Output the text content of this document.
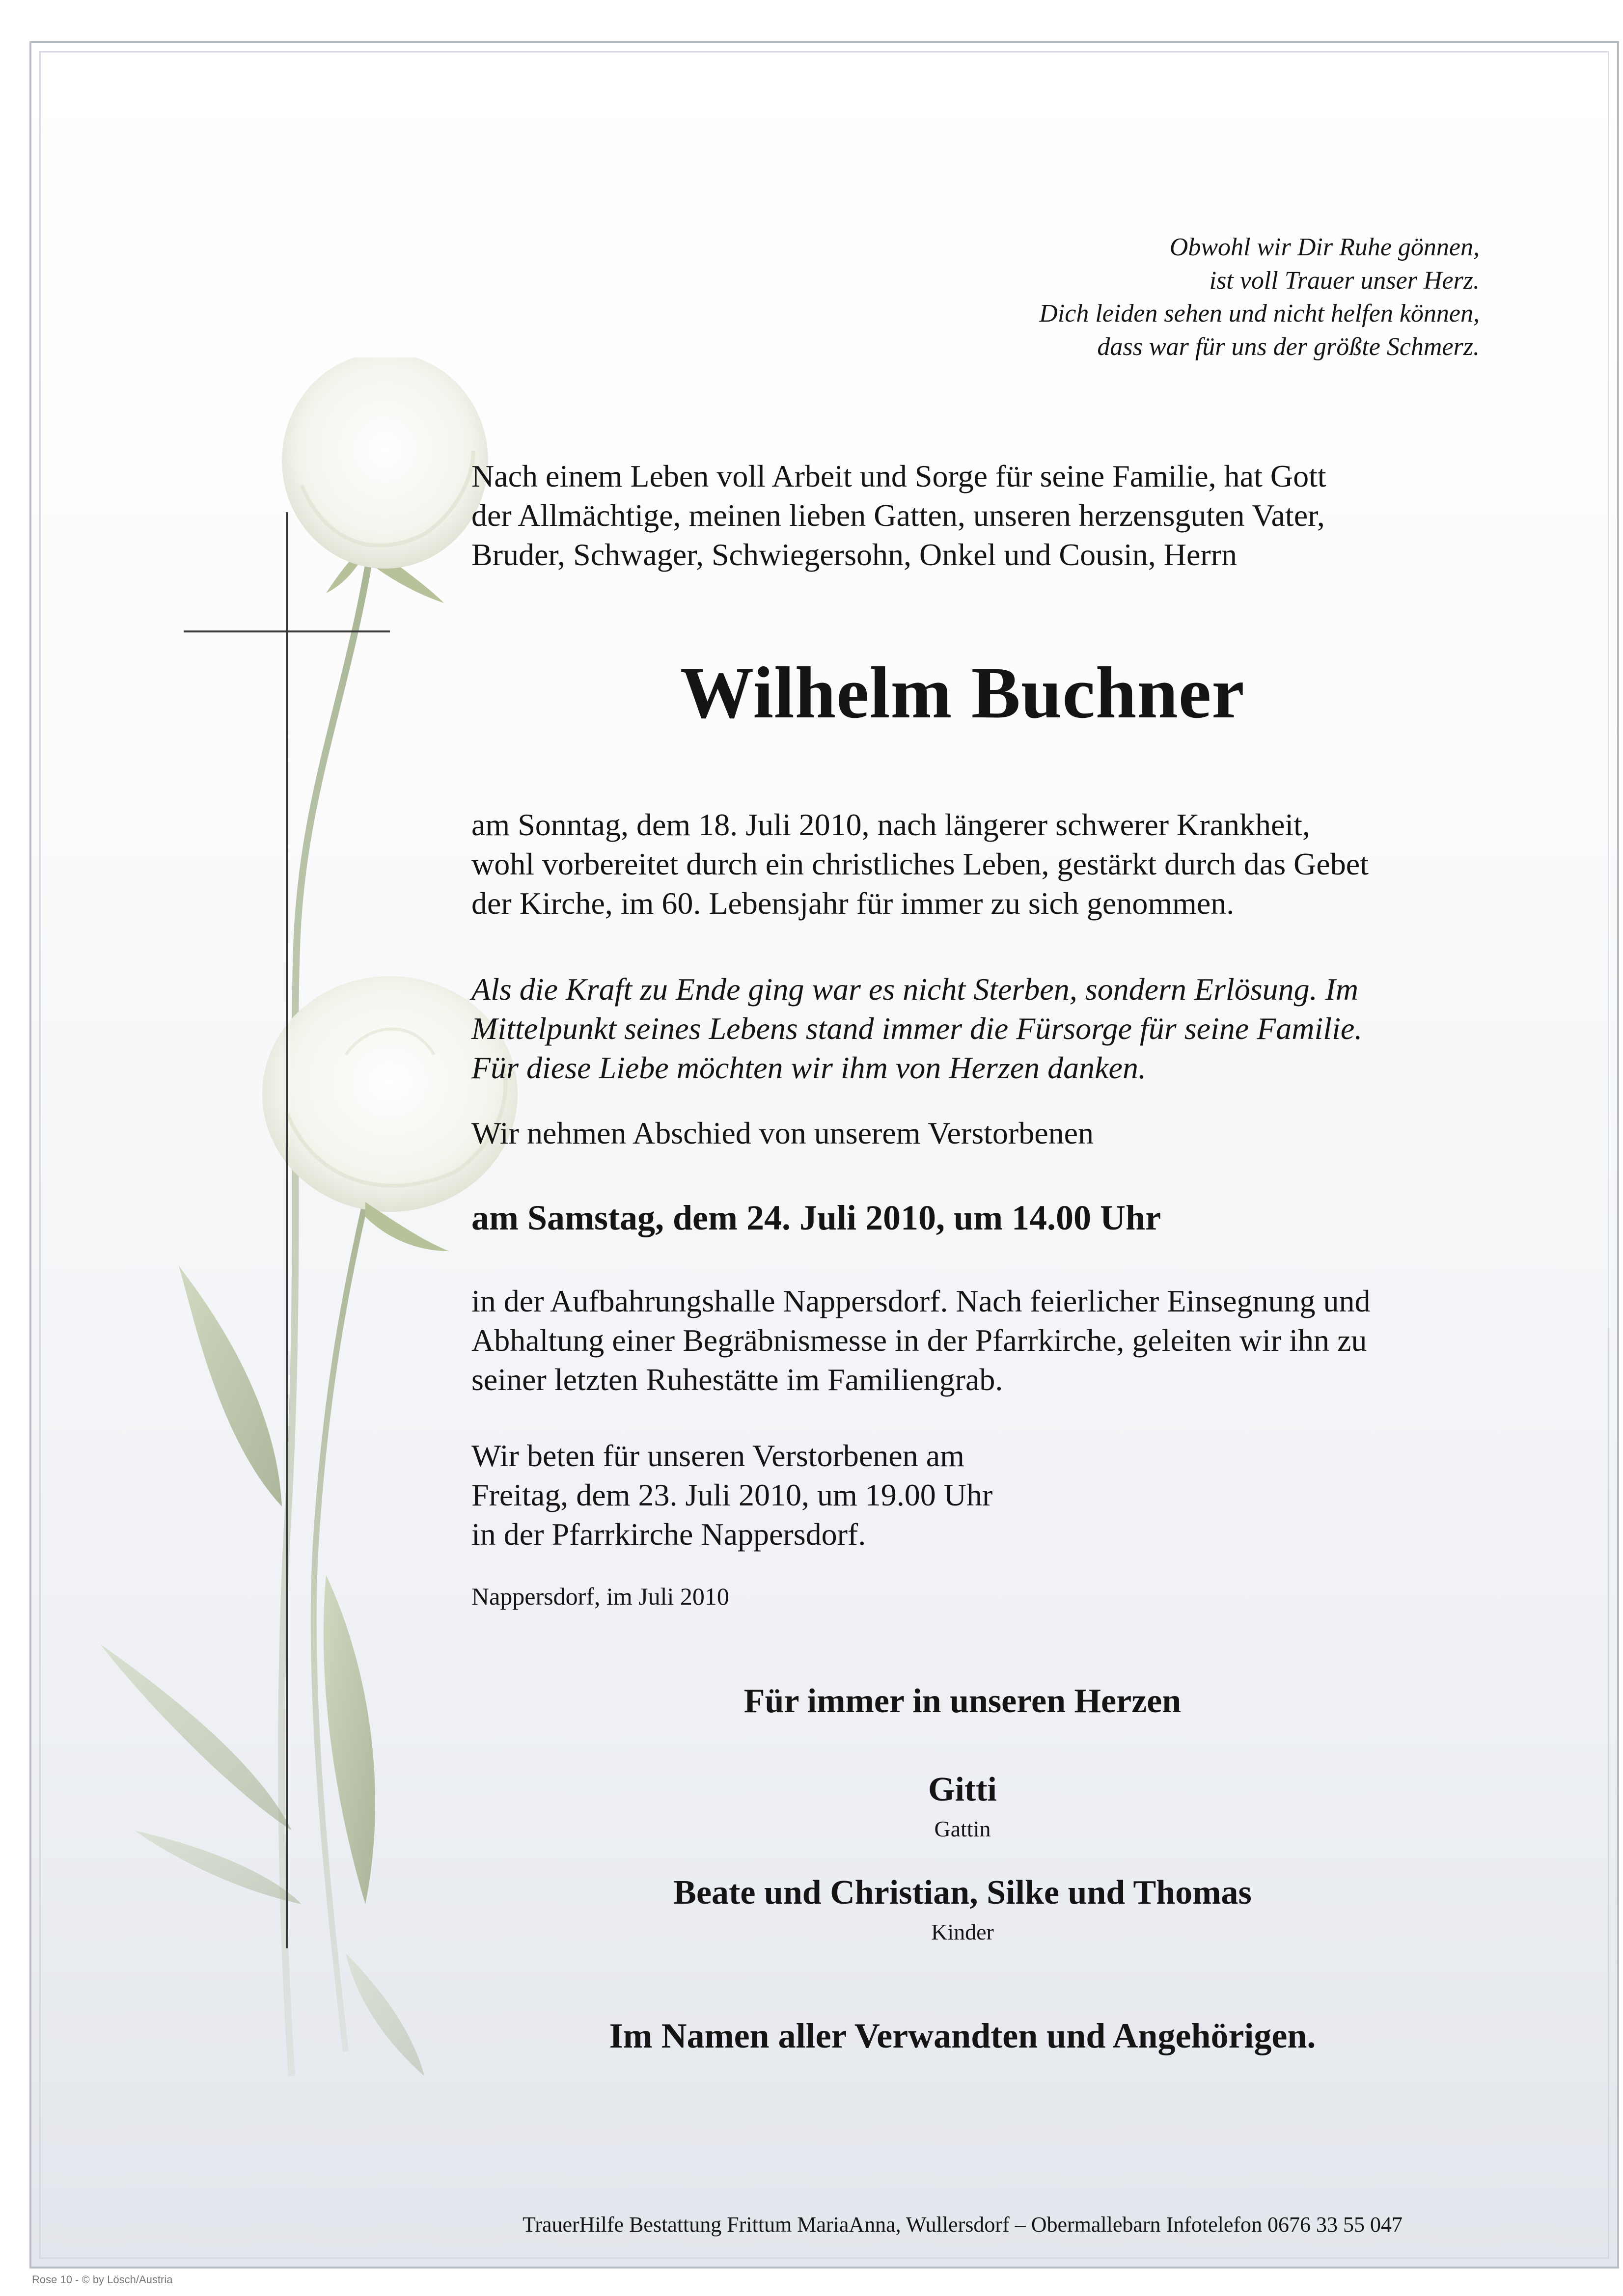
Obwohl wir Dir Ruhe gönnen,
ist voll Trauer unser Herz.
Dich leiden sehen und nicht helfen können,
dass war für uns der größte Schmerz.
Nach einem Leben voll Arbeit und Sorge für seine Familie, hat Gott
der Allmächtige, meinen lieben Gatten, unseren herzensguten Vater,
Bruder, Schwager, Schwiegersohn, Onkel und Cousin, Herrn
Wilhelm Buchner
am Sonntag, dem 18. Juli 2010, nach längerer schwerer Krankheit,
wohl vorbereitet durch ein christliches Leben, gestärkt durch das Gebet
der Kirche, im 60. Lebensjahr für immer zu sich genommen.
Als die Kraft zu Ende ging war es nicht Sterben, sondern Erlösung. Im
Mittelpunkt seines Lebens stand immer die Fürsorge für seine Familie.
Für diese Liebe möchten wir ihm von Herzen danken.
Wir nehmen Abschied von unserem Verstorbenen
am Samstag, dem 24. Juli 2010, um 14.00 Uhr
in der Aufbahrungshalle Nappersdorf. Nach feierlicher Einsegnung und
Abhaltung einer Begräbnismesse in der Pfarrkirche, geleiten wir ihn zu
seiner letzten Ruhestätte im Familiengrab.
Wir beten für unseren Verstorbenen am
Freitag, dem 23. Juli 2010, um 19.00 Uhr
in der Pfarrkirche Nappersdorf.
Nappersdorf, im Juli 2010
Für immer in unseren Herzen
Gitti
Gattin
Beate und Christian, Silke und Thomas
Kinder
Im Namen aller Verwandten und Angehörigen.
TrauerHilfe Bestattung Frittum MariaAnna, Wullersdorf – Obermallebarn Infotelefon 0676 33 55 047
Rose 10 - © by Lösch/Austria
